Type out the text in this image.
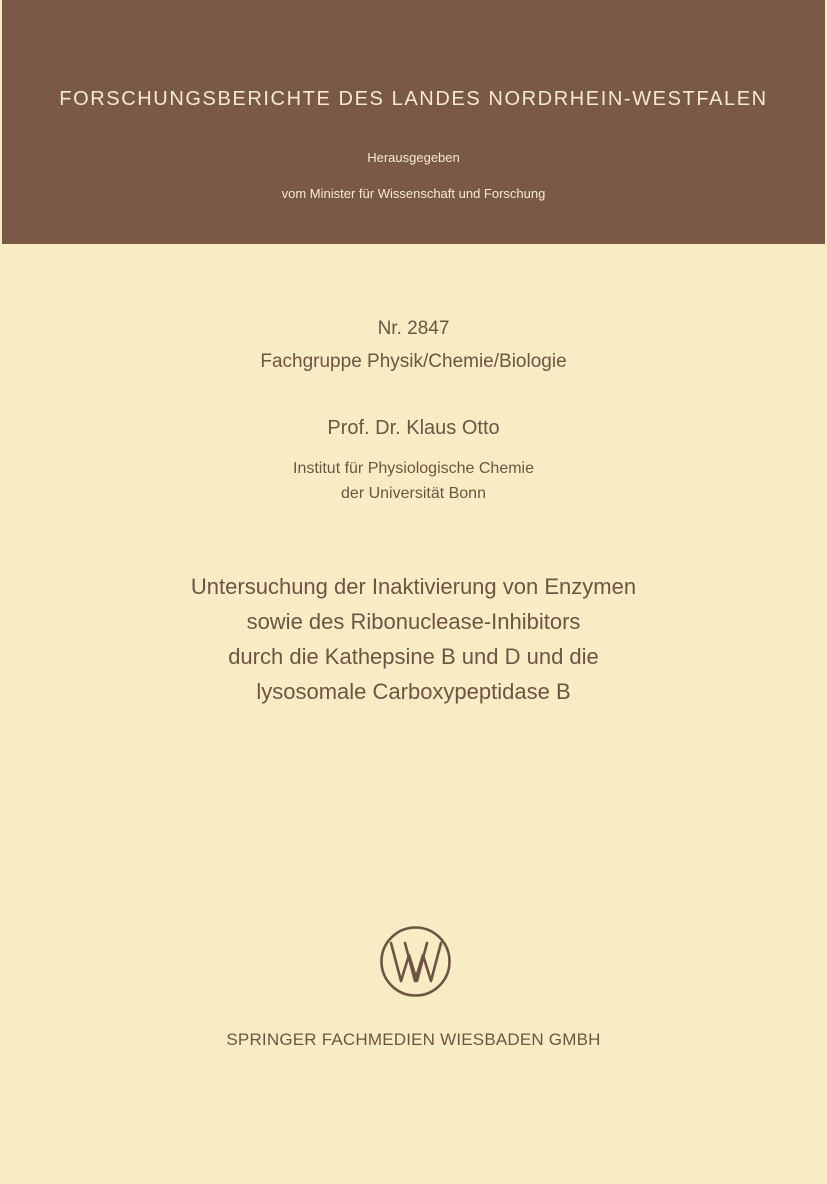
FORSCHUNGSBERICHTE DES LANDES NORDRHEIN-WESTFALEN
Herausgegeben
vom Minister für Wissenschaft und Forschung
Nr. 2847
Fachgruppe Physik/Chemie/Biologie
Prof. Dr. Klaus Otto
Institut für Physiologische Chemie
der Universität Bonn
Untersuchung der Inaktivierung von Enzymen
sowie des Ribonuclease-Inhibitors
durch die Kathepsine B und D und die
lysosomale Carboxypeptidase B
SPRINGER FACHMEDIEN WIESBADEN GMBH
